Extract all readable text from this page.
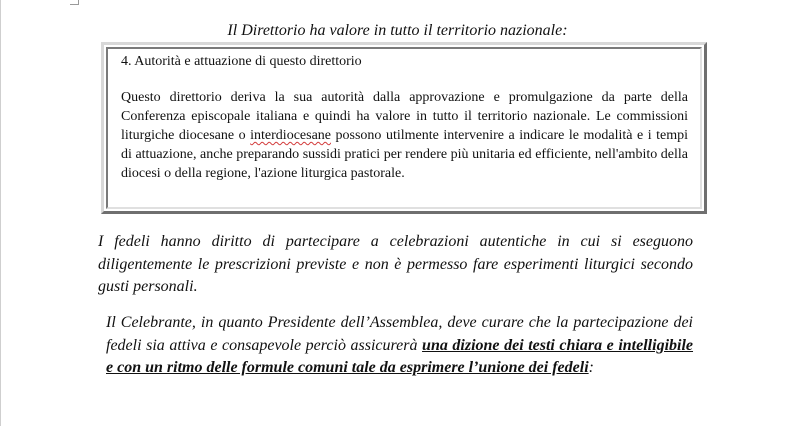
Il Direttorio ha valore in tutto il territorio nazionale:

4. Autorità e attuazione di questo direttorio

Questo direttorio deriva la sua autorità dalla approvazione e promulgazione da parte della Conferenza episcopale italiana e quindi ha valore in tutto il territorio nazionale. Le commissioni liturgiche diocesane o interdiocesane possono utilmente intervenire a indicare le modalità e i tempi di attuazione, anche preparando sussidi pratici per rendere più unitaria ed efficiente, nell'ambito della diocesi o della regione, l'azione liturgica pastorale.

I fedeli hanno diritto di partecipare a celebrazioni autentiche in cui si eseguono diligentemente le prescrizioni previste e non è permesso fare esperimenti liturgici secondo gusti personali.

Il Celebrante, in quanto Presidente dell’Assemblea, deve curare che la partecipazione dei fedeli sia attiva e consapevole perciò assicurerà una dizione dei testi chiara e intelligibile e con un ritmo delle formule comuni tale da esprimere l’unione dei fedeli:
